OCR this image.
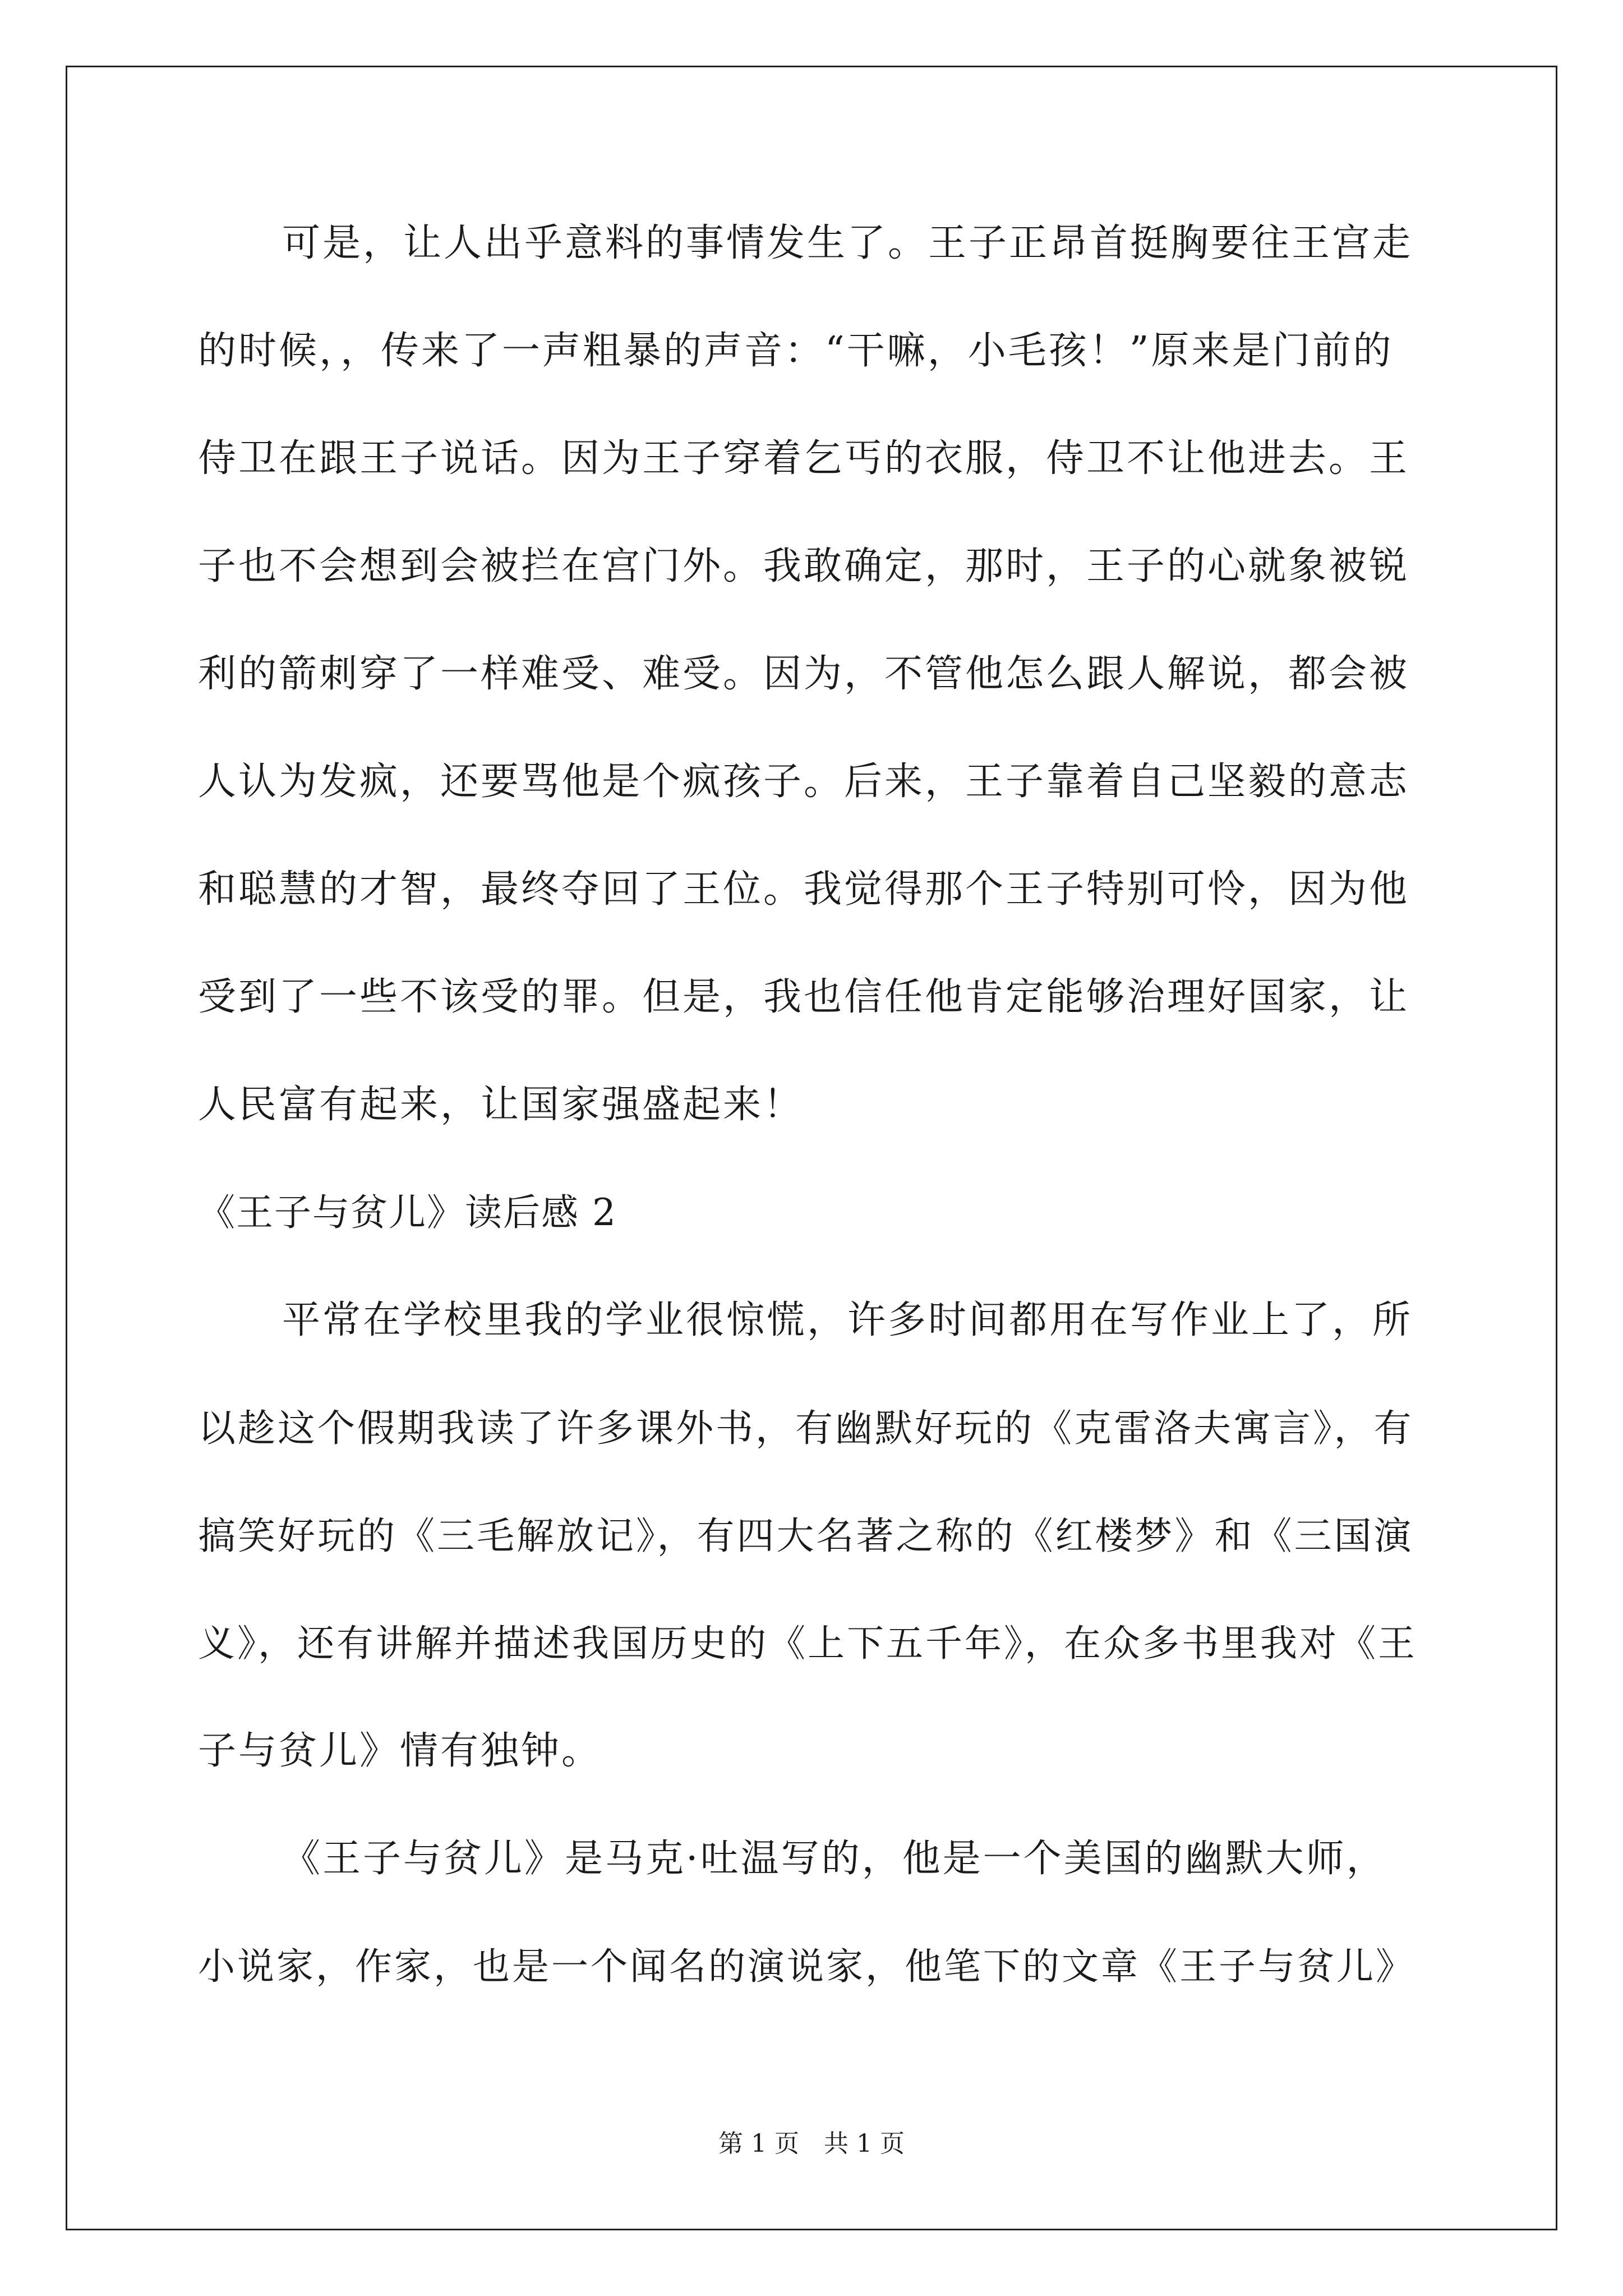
可是，让人出乎意料的事情发生了。王子正昂首挺胸要往王宫走
的时候，，传来了一声粗暴的声音：“干嘛，小毛孩！”原来是门前的
侍卫在跟王子说话。因为王子穿着乞丐的衣服，侍卫不让他进去。王
子也不会想到会被拦在宫门外。我敢确定，那时，王子的心就象被锐
利的箭刺穿了一样难受、难受。因为，不管他怎么跟人解说，都会被
人认为发疯，还要骂他是个疯孩子。后来，王子靠着自己坚毅的意志
和聪慧的才智，最终夺回了王位。我觉得那个王子特别可怜，因为他
受到了一些不该受的罪。但是，我也信任他肯定能够治理好国家，让
人民富有起来，让国家强盛起来！
《王子与贫儿》读后感 2
平常在学校里我的学业很惊慌，许多时间都用在写作业上了，所
以趁这个假期我读了许多课外书，有幽默好玩的《克雷洛夫寓言》，有
搞笑好玩的《三毛解放记》，有四大名著之称的《红楼梦》和《三国演
义》，还有讲解并描述我国历史的《上下五千年》，在众多书里我对《王
子与贫儿》情有独钟。
《王子与贫儿》是马克·吐温写的，他是一个美国的幽默大师，
小说家，作家，也是一个闻名的演说家，他笔下的文章《王子与贫儿》
第 1 页　共 1 页
